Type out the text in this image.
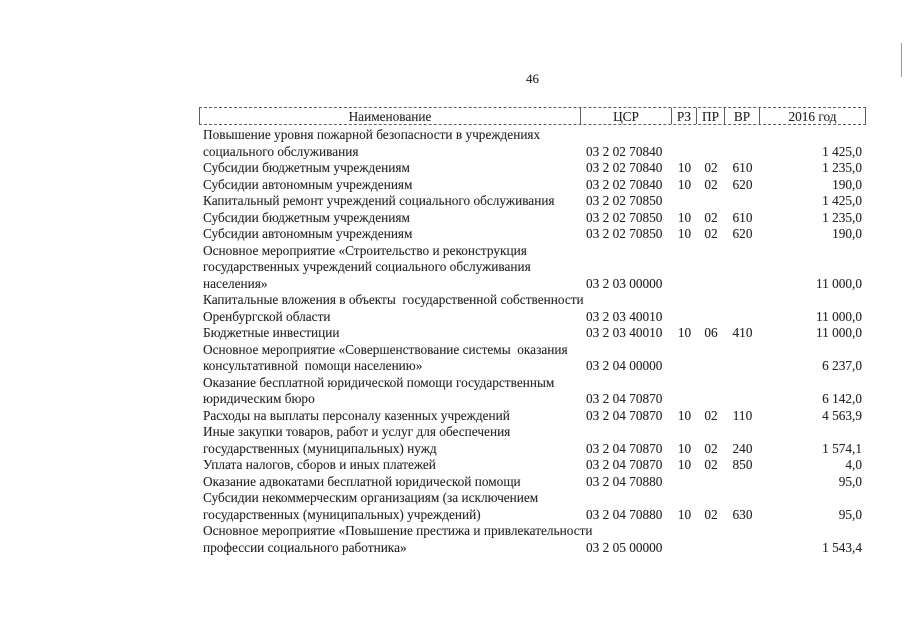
46
Наименование	ЦСР	РЗ ПР	ВР	2016 год
Повышение уровня пожарной безопасности в учреждениях
социального обслуживания	03 2 02 70840	1 425,0
Субсидии бюджетным учреждениям	03 2 02 70840	10 02	610	1 235,0
Субсидии автономным учреждениям	03 2 02 70840	10 02	620	190,0
Капитальный ремонт учреждений социального обслуживания	03 2 02 70850	1 425,0
Субсидии бюджетным учреждениям	03 2 02 70850	10 02	610	1 235,0
Субсидии автономным учреждениям	03 2 02 70850	10 02	620	190,0
Основное мероприятие «Строительство и реконструкция
государственных учреждений социального обслуживания
населения»	03 2 03 00000	11 000,0
Капитальные вложения в объекты  государственной собственности
Оренбургской области	03 2 03 40010	11 000,0
Бюджетные инвестиции	03 2 03 40010	10 06	410	11 000,0
Основное мероприятие «Совершенствование системы  оказания
консультативной  помощи населению»	03 2 04 00000	6 237,0
Оказание бесплатной юридической помощи государственным
юридическим бюро	03 2 04 70870	6 142,0
Расходы на выплаты персоналу казенных учреждений	03 2 04 70870	10 02	110	4 563,9
Иные закупки товаров, работ и услуг для обеспечения
государственных (муниципальных) нужд	03 2 04 70870	10 02	240	1 574,1
Уплата налогов, сборов и иных платежей	03 2 04 70870	10 02	850	4,0
Оказание адвокатами бесплатной юридической помощи	03 2 04 70880	95,0
Субсидии некоммерческим организациям (за исключением
государственных (муниципальных) учреждений)	03 2 04 70880	10 02	630	95,0
Основное мероприятие «Повышение престижа и привлекательности
профессии социального работника»	03 2 05 00000	1 543,4
